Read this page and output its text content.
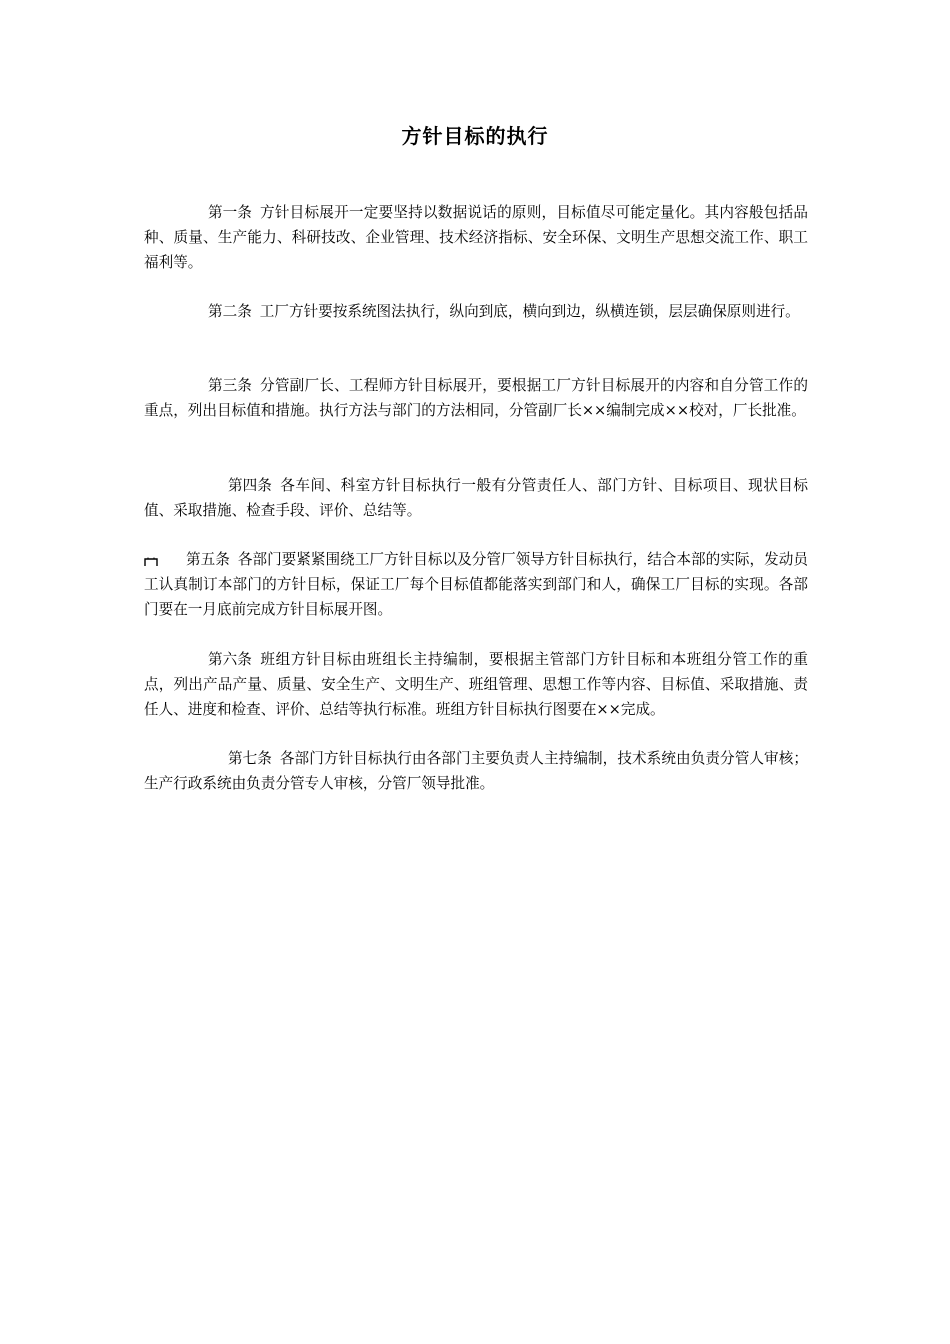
方针目标的执行

第一条 方针目标展开一定要坚持以数据说话的原则，目标值尽可能定量化。其内容般包括品种、质量、生产能力、科研技改、企业管理、技术经济指标、安全环保、文明生产思想交流工作、职工福利等。

第二条 工厂方针要按系统图法执行，纵向到底，横向到边，纵横连锁，层层确保原则进行。

第三条 分管副厂长、工程师方针目标展开，要根据工厂方针目标展开的内容和自分管工作的重点，列出目标值和措施。执行方法与部门的方法相同，分管副厂长××编制完成××校对，厂长批准。

第四条 各车间、科室方针目标执行一般有分管责任人、部门方针、目标项目、现状目标值、采取措施、检查手段、评价、总结等。

第五条 各部门要紧紧围绕工厂方针目标以及分管厂领导方针目标执行，结合本部的实际，发动员工认真制订本部门的方针目标，保证工厂每个目标值都能落实到部门和人，确保工厂目标的实现。各部门要在一月底前完成方针目标展开图。

第六条 班组方针目标由班组长主持编制，要根据主管部门方针目标和本班组分管工作的重点，列出产品产量、质量、安全生产、文明生产、班组管理、思想工作等内容、目标值、采取措施、责任人、进度和检查、评价、总结等执行标准。班组方针目标执行图要在××完成。

第七条 各部门方针目标执行由各部门主要负责人主持编制，技术系统由负责分管人审核；生产行政系统由负责分管专人审核，分管厂领导批准。
